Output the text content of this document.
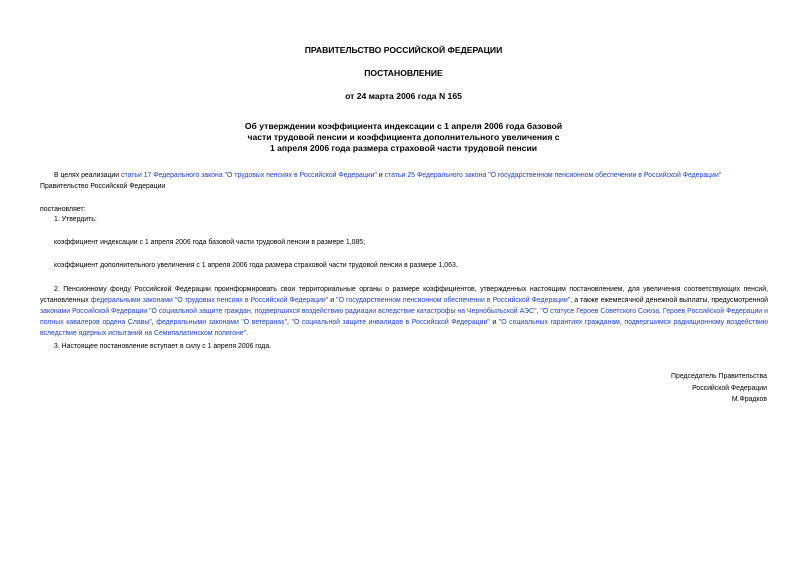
ПРАВИТЕЛЬСТВО РОССИЙСКОЙ ФЕДЕРАЦИИ
ПОСТАНОВЛЕНИЕ
от 24 марта 2006 года N 165
Об утверждении коэффициента индексации с 1 апреля 2006 года базовой
части трудовой пенсии и коэффициента дополнительного увеличения с
1 апреля 2006 года размера страховой части трудовой пенсии
В целях реализации статьи 17 Федерального закона "О трудовых пенсиях в Российской Федерации" и статьи 25 Федерального закона "О государственном пенсионном обеспечении в Российской Федерации"
Правительство Российской Федерации
постановляет:
1. Утвердить:
коэффициент индексации с 1 апреля 2006 года базовой части трудовой пенсии в размере 1,085;
коэффициент дополнительного увеличения с 1 апреля 2006 года размера страховой части трудовой пенсии в размере 1,063.
2. Пенсионному фонду Российской Федерации проинформировать свои территориальные органы о размере коэффициентов, утвержденных настоящим постановлением, для увеличения соответствующих пенсий, установленных федеральными законами "О трудовых пенсиях в Российской Федерации" и "О государственном пенсионном обеспечении в Российской Федерации", а также ежемесячной денежной выплаты, предусмотренной законами Российской Федерации "О социальной защите граждан, подвергшихся воздействию радиации вследствие катастрофы на Чернобыльской АЭС", "О статусе Героев Советского Союза, Героев Российской Федерации и полных кавалеров ордена Славы", федеральными законами "О ветеранах", "О социальной защите инвалидов в Российской Федерации" и "О социальных гарантиях гражданам, подвергшимся радиационному воздействию вследствие ядерных испытаний на Семипалатинском полигоне".
3. Настоящее постановление вступает в силу с 1 апреля 2006 года.
Председатель Правительства
Российской Федерации
М.Фрадков
